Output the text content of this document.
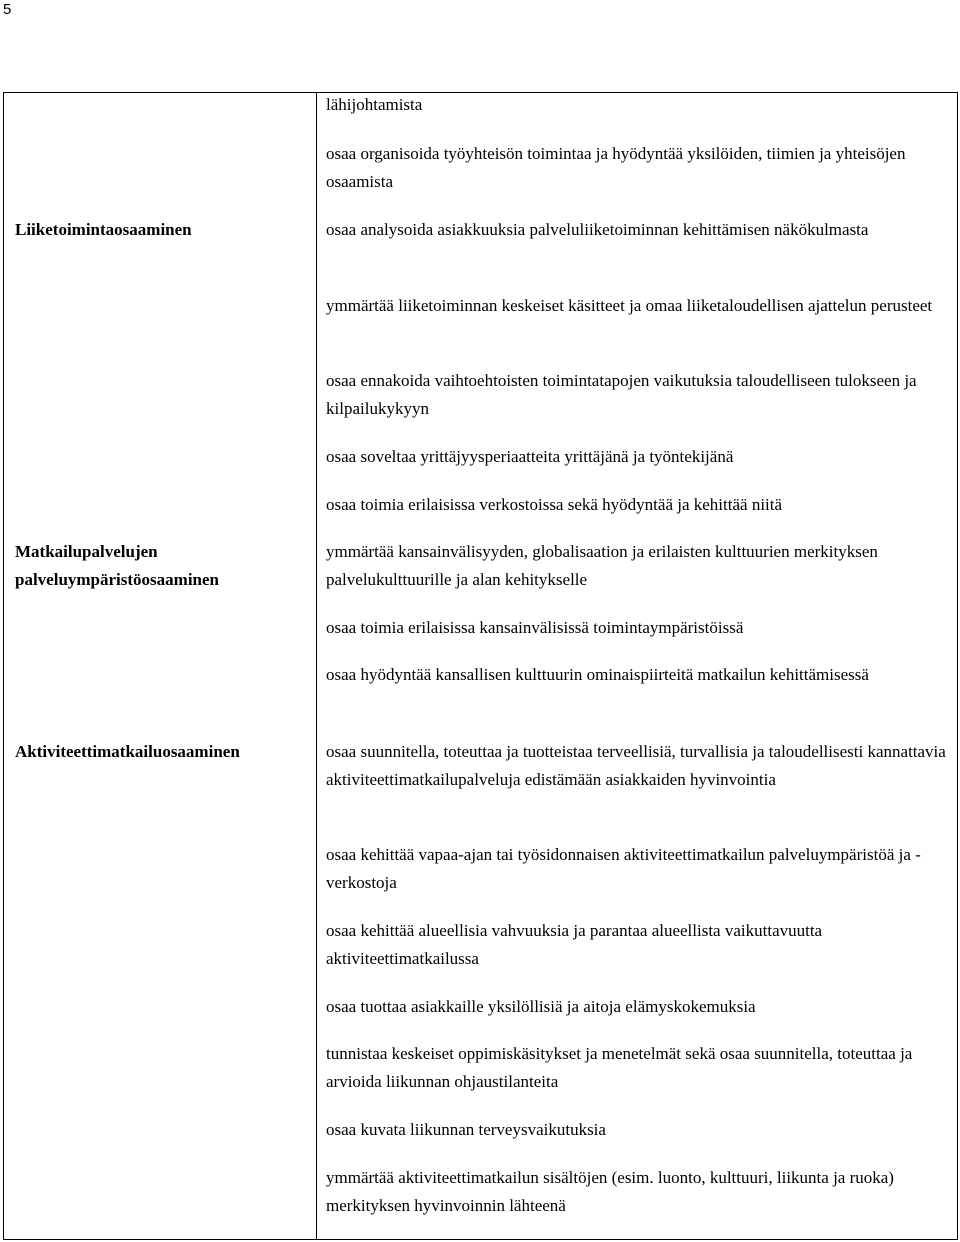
5

Liiketoimintaosaaminen

Matkailupalvelujen
palveluympäristöosaaminen

Aktiviteettimatkailuosaaminen

lähijohtamista
osaa organisoida työyhteisön toimintaa ja hyödyntää yksilöiden, tiimien ja yhteisöjen osaamista
osaa analysoida asiakkuuksia palveluliiketoiminnan kehittämisen näkökulmasta
ymmärtää liiketoiminnan keskeiset käsitteet ja omaa liiketaloudellisen ajattelun perusteet
osaa ennakoida vaihtoehtoisten toimintatapojen vaikutuksia taloudelliseen tulokseen ja kilpailukykyyn
osaa soveltaa yrittäjyysperiaatteita yrittäjänä ja työntekijänä
osaa toimia erilaisissa verkostoissa sekä hyödyntää ja kehittää niitä
ymmärtää kansainvälisyyden, globalisaation ja erilaisten kulttuurien merkityksen palvelukulttuurille ja alan kehitykselle
osaa toimia erilaisissa kansainvälisissä toimintaympäristöissä
osaa hyödyntää kansallisen kulttuurin ominaispiirteitä matkailun kehittämisessä
osaa suunnitella, toteuttaa ja tuotteistaa terveellisiä, turvallisia ja taloudellisesti kannattavia aktiviteettimatkailupalveluja edistämään asiakkaiden hyvinvointia
osaa kehittää vapaa-ajan tai työsidonnaisen aktiviteettimatkailun palveluympäristöä ja -verkostoja
osaa kehittää alueellisia vahvuuksia ja parantaa alueellista vaikuttavuutta aktiviteettimatkailussa
osaa tuottaa asiakkaille yksilöllisiä ja aitoja elämyskokemuksia
tunnistaa keskeiset oppimiskäsitykset ja menetelmät sekä osaa suunnitella, toteuttaa ja arvioida liikunnan ohjaustilanteita
osaa kuvata liikunnan terveysvaikutuksia
ymmärtää aktiviteettimatkailun sisältöjen (esim. luonto, kulttuuri, liikunta ja ruoka) merkityksen hyvinvoinnin lähteenä
